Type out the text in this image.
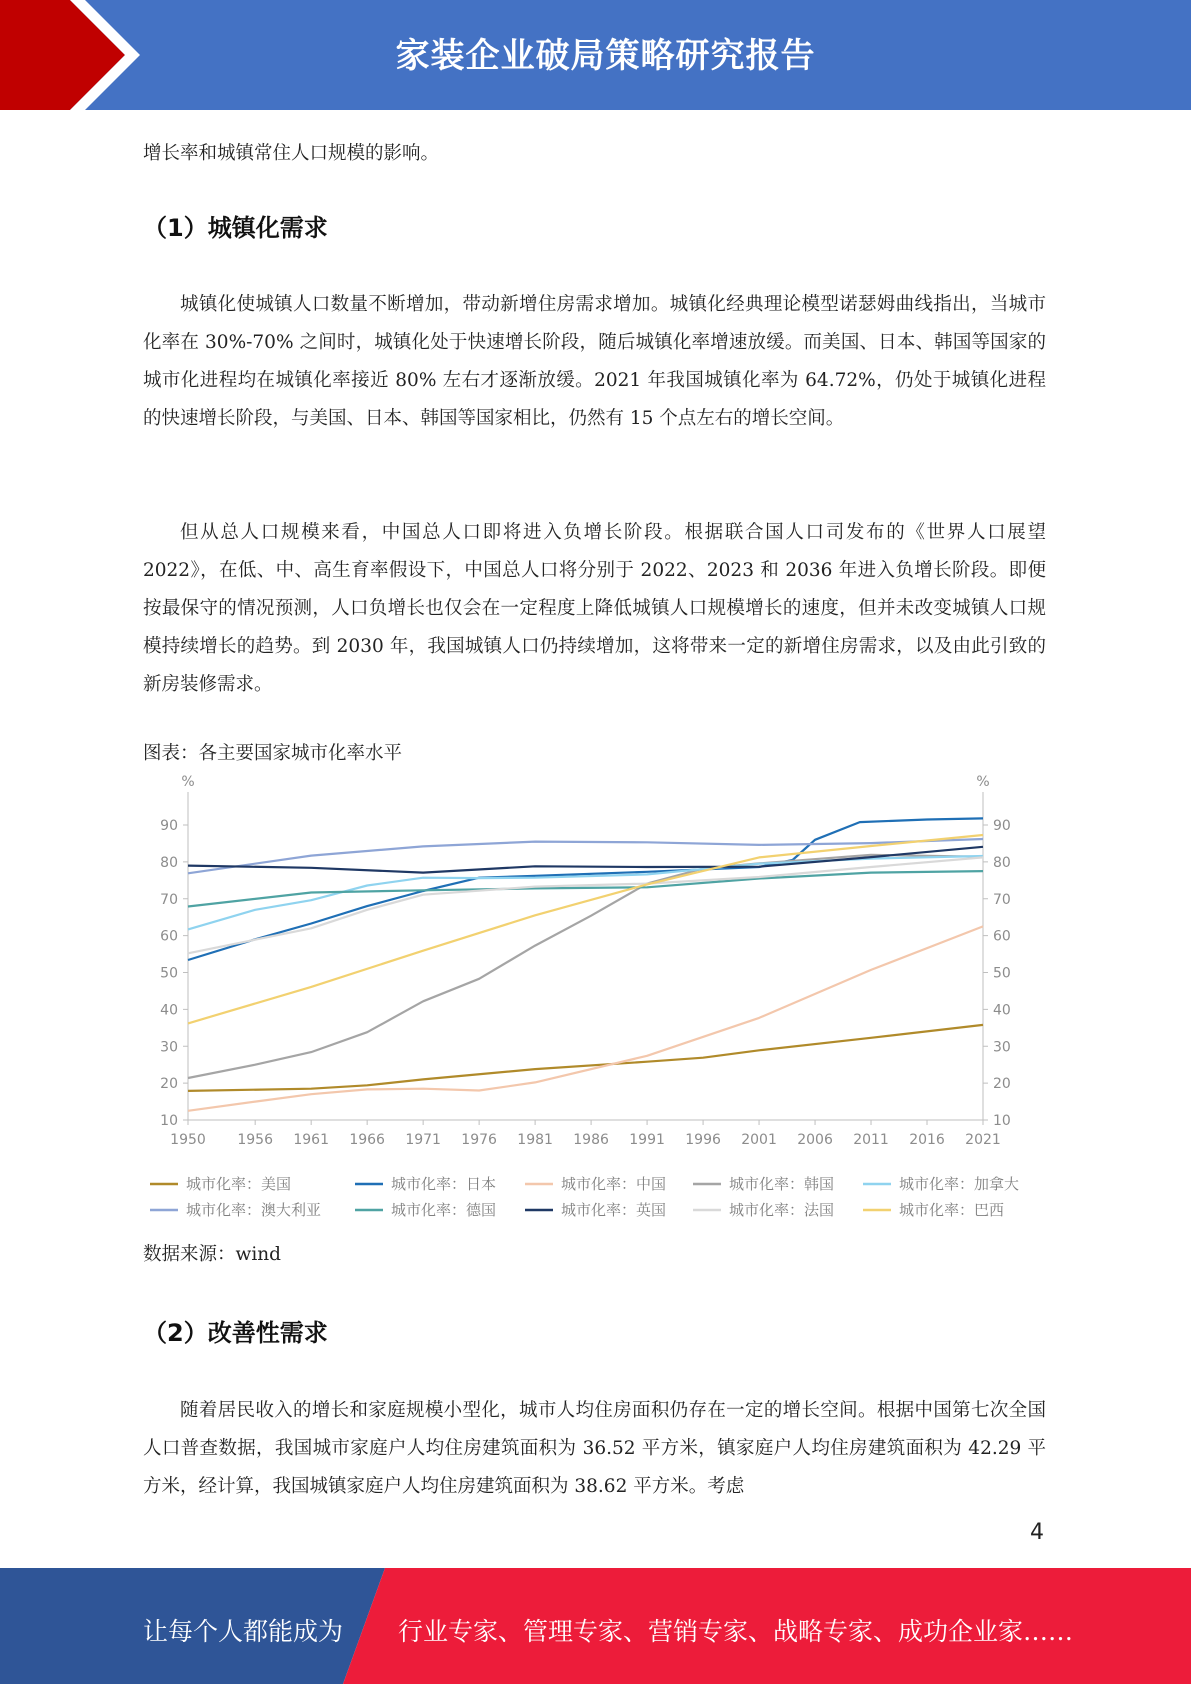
家装企业破局策略研究报告

增长率和城镇常住人口规模的影响。

（1）城镇化需求

城镇化使城镇人口数量不断增加，带动新增住房需求增加。城镇化经典理论模型诺瑟姆曲线指出，当城市化率在 30%-70% 之间时，城镇化处于快速增长阶段，随后城镇化率增速放缓。而美国、日本、韩国等国家的城市化进程均在城镇化率接近 80% 左右才逐渐放缓。2021 年我国城镇化率为 64.72%，仍处于城镇化进程的快速增长阶段，与美国、日本、韩国等国家相比，仍然有 15 个点左右的增长空间。

但从总人口规模来看，中国总人口即将进入负增长阶段。根据联合国人口司发布的《世界人口展望 2022》，在低、中、高生育率假设下，中国总人口将分别于 2022、2023 和 2036 年进入负增长阶段。即便按最保守的情况预测，人口负增长也仅会在一定程度上降低城镇人口规模增长的速度，但并未改变城镇人口规模持续增长的趋势。到 2030 年，我国城镇人口仍持续增加，这将带来一定的新增住房需求，以及由此引致的新房装修需求。

图表：各主要国家城市化率水平
%	%
10	10
20	20
30	30
40	40
50	50
60	60
70	70
80	80
90	90
1950 1956 1961 1966 1971 1976 1981 1986 1991 1996 2001 2006 2011 2016 2021
城市化率：美国	城市化率：日本	城市化率：中国	城市化率：韩国	城市化率：加拿大
城市化率：澳大利亚	城市化率：德国	城市化率：英国	城市化率：法国	城市化率：巴西
数据来源：wind
（2）改善性需求

随着居民收入的增长和家庭规模小型化，城市人均住房面积仍存在一定的增长空间。根据中国第七次全国人口普查数据，我国城市家庭户人均住房建筑面积为 36.52 平方米，镇家庭户人均住房建筑面积为 42.29 平方米，经计算，我国城镇家庭户人均住房建筑面积为 38.62 平方米。考虑

4
让每个人都能成为 行业专家、管理专家、营销专家、战略专家、成功企业家……
